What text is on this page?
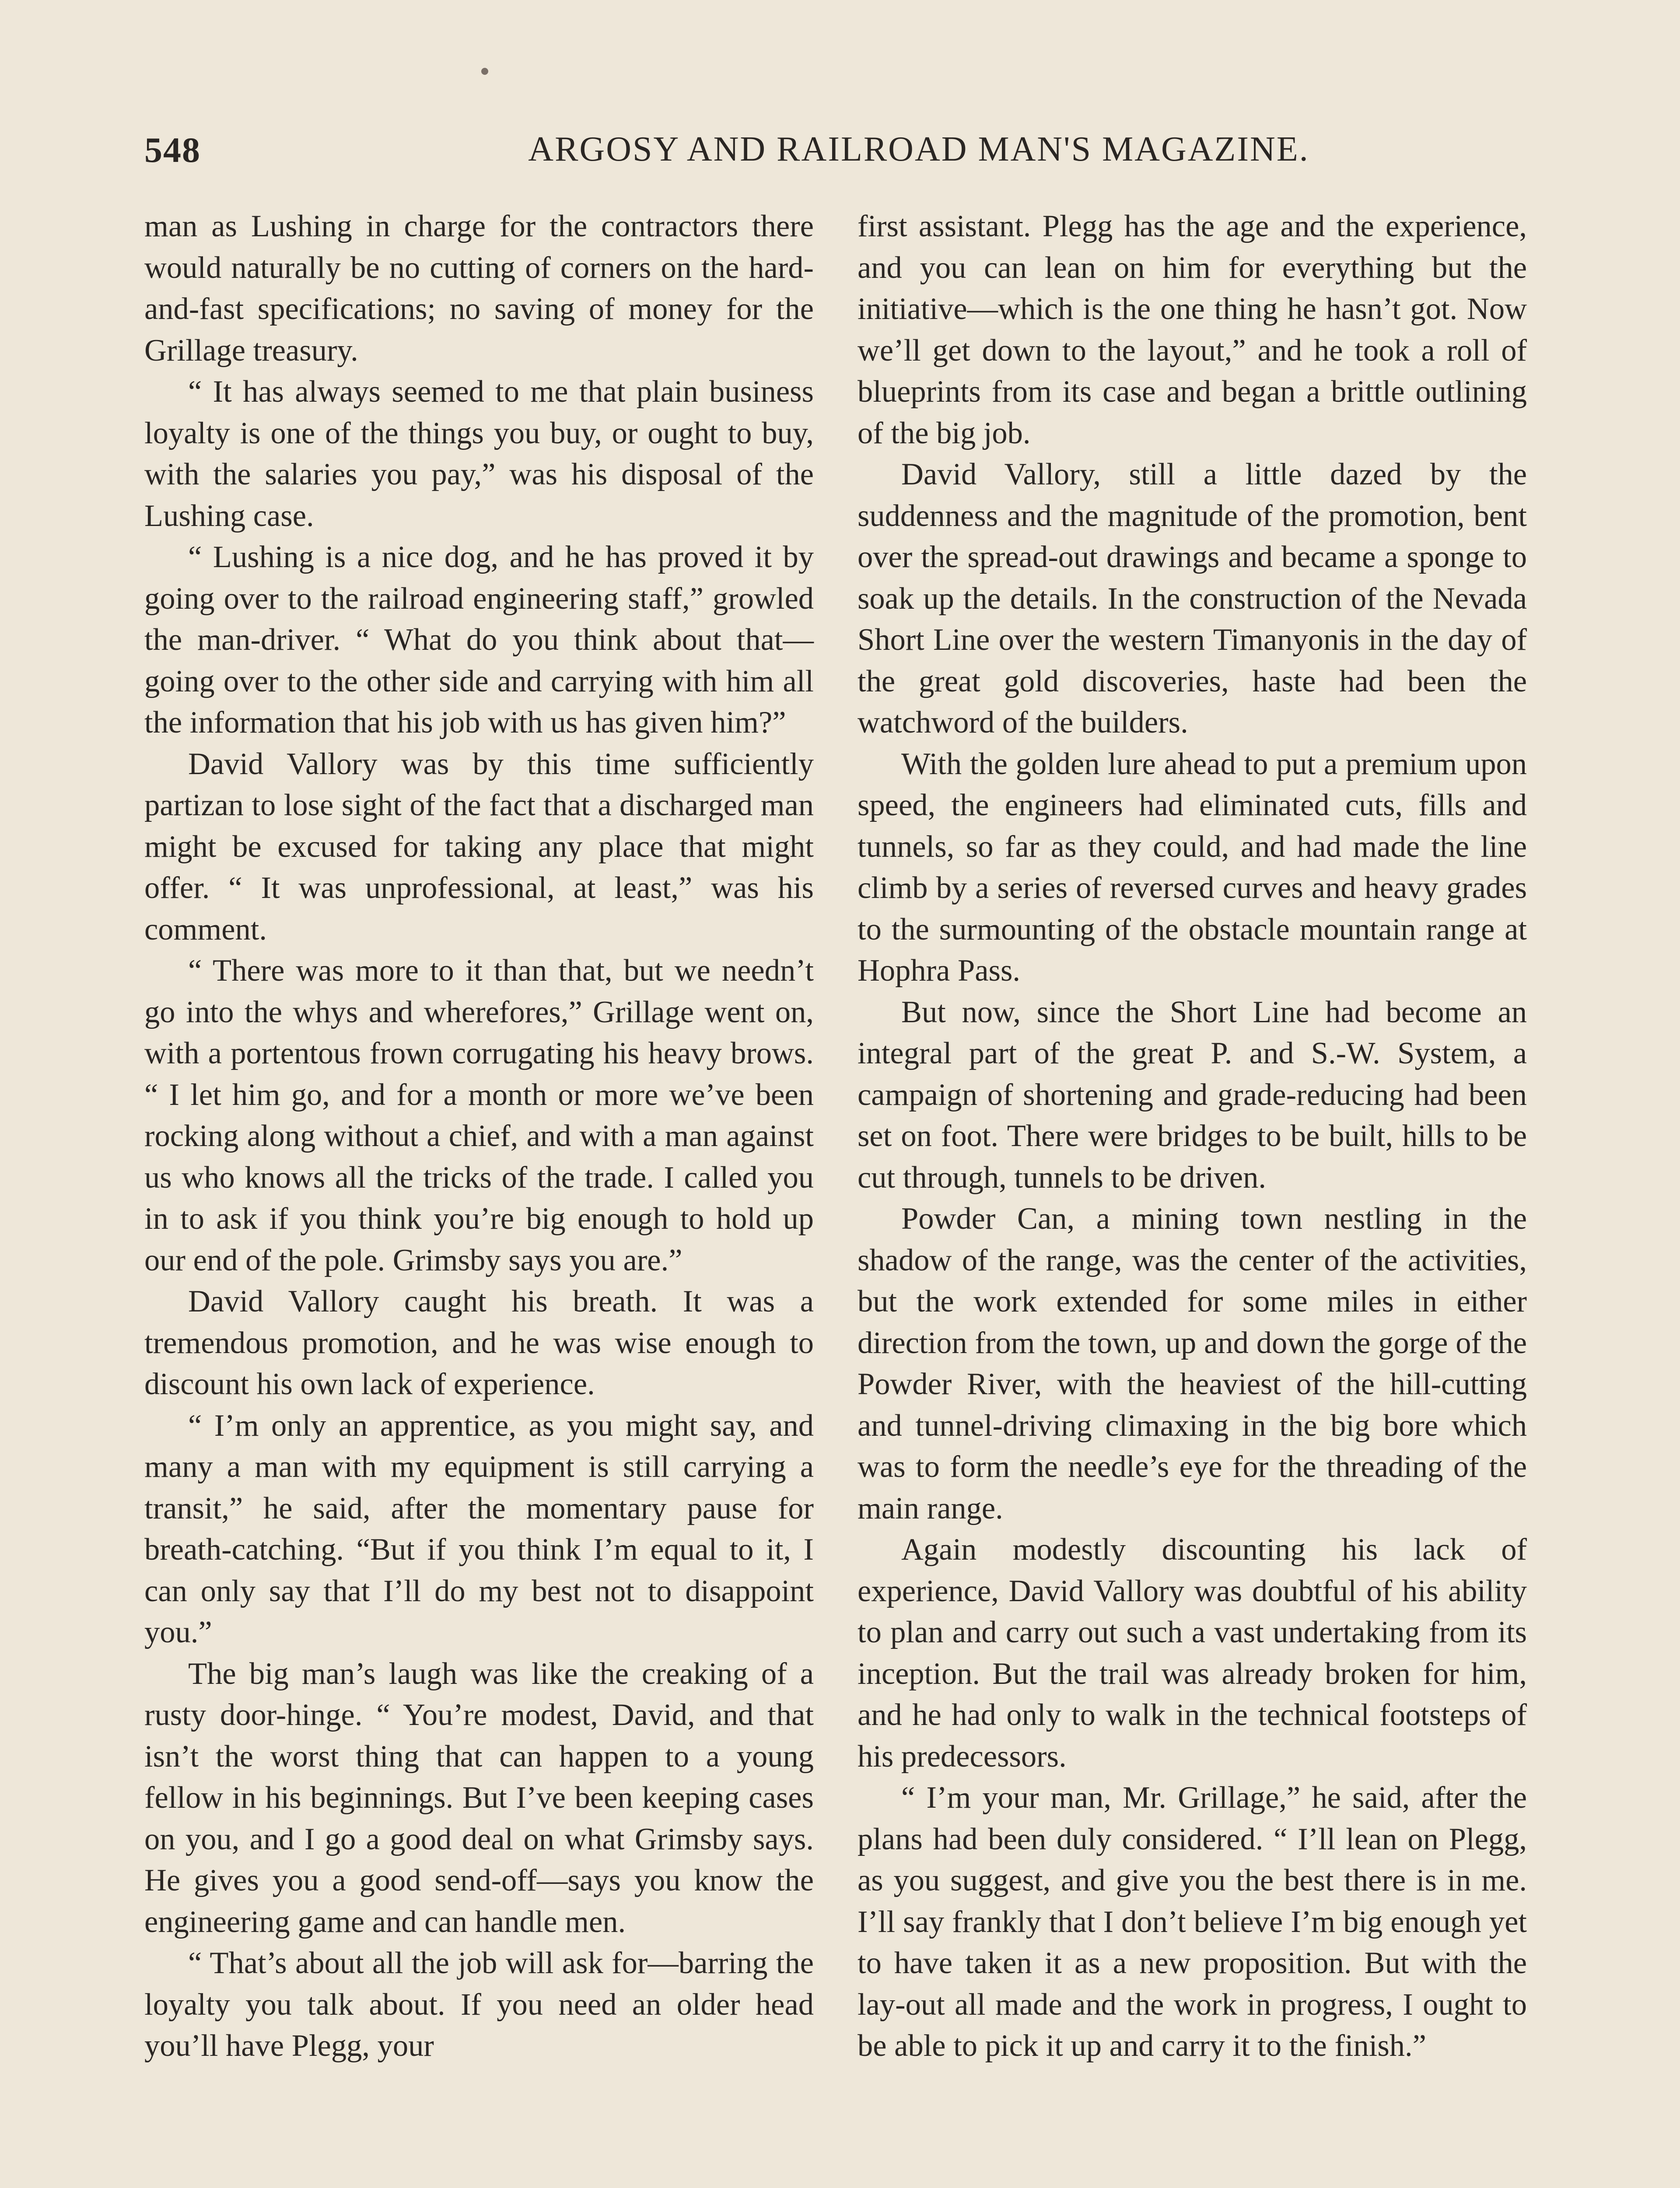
548	ARGOSY AND RAILROAD MAN'S MAGAZINE.

man as Lushing in charge for the contractors there would naturally be no cutting of corners on the hard-and-fast specifications; no saving of money for the Grillage treasury.

“ It has always seemed to me that plain business loyalty is one of the things you buy, or ought to buy, with the salaries you pay,” was his disposal of the Lushing case.

“ Lushing is a nice dog, and he has proved it by going over to the railroad engineering staff,” growled the man-driver. “ What do you think about that—going over to the other side and carrying with him all the information that his job with us has given him?”

David Vallory was by this time sufficiently partizan to lose sight of the fact that a discharged man might be excused for taking any place that might offer. “ It was unprofessional, at least,” was his comment.

“ There was more to it than that, but we needn’t go into the whys and wherefores,” Grillage went on, with a portentous frown corrugating his heavy brows. “ I let him go, and for a month or more we’ve been rocking along without a chief, and with a man against us who knows all the tricks of the trade. I called you in to ask if you think you’re big enough to hold up our end of the pole. Grimsby says you are.”

David Vallory caught his breath. It was a tremendous promotion, and he was wise enough to discount his own lack of experience.

“ I’m only an apprentice, as you might say, and many a man with my equipment is still carrying a transit,” he said, after the momentary pause for breath-catching. “But if you think I’m equal to it, I can only say that I’ll do my best not to disappoint you.”

The big man’s laugh was like the creaking of a rusty door-hinge. “ You’re modest, David, and that isn’t the worst thing that can happen to a young fellow in his beginnings. But I’ve been keeping cases on you, and I go a good deal on what Grimsby says. He gives you a good send-off—says you know the engineering game and can handle men.

“ That’s about all the job will ask for—barring the loyalty you talk about. If you need an older head you’ll have Plegg, your

first assistant. Plegg has the age and the experience, and you can lean on him for everything but the initiative—which is the one thing he hasn’t got. Now we’ll get down to the layout,” and he took a roll of blueprints from its case and began a brittle outlining of the big job.

David Vallory, still a little dazed by the suddenness and the magnitude of the promotion, bent over the spread-out drawings and became a sponge to soak up the details. In the construction of the Nevada Short Line over the western Timanyonis in the day of the great gold discoveries, haste had been the watchword of the builders.

With the golden lure ahead to put a premium upon speed, the engineers had eliminated cuts, fills and tunnels, so far as they could, and had made the line climb by a series of reversed curves and heavy grades to the surmounting of the obstacle mountain range at Hophra Pass.

But now, since the Short Line had become an integral part of the great P. and S.-W. System, a campaign of shortening and grade-reducing had been set on foot. There were bridges to be built, hills to be cut through, tunnels to be driven.

Powder Can, a mining town nestling in the shadow of the range, was the center of the activities, but the work extended for some miles in either direction from the town, up and down the gorge of the Powder River, with the heaviest of the hill-cutting and tunnel-driving climaxing in the big bore which was to form the needle’s eye for the threading of the main range.

Again modestly discounting his lack of experience, David Vallory was doubtful of his ability to plan and carry out such a vast undertaking from its inception. But the trail was already broken for him, and he had only to walk in the technical footsteps of his predecessors.

“ I’m your man, Mr. Grillage,” he said, after the plans had been duly considered. “ I’ll lean on Plegg, as you suggest, and give you the best there is in me. I’ll say frankly that I don’t believe I’m big enough yet to have taken it as a new proposition. But with the lay-out all made and the work in progress, I ought to be able to pick it up and carry it to the finish.”
